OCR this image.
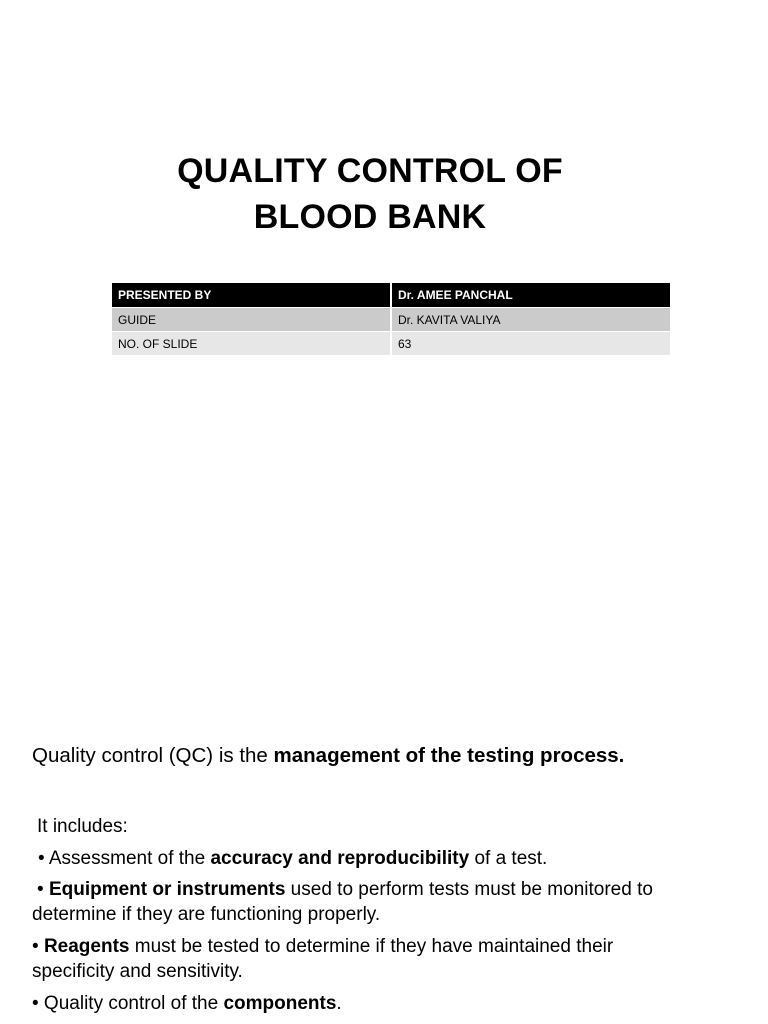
QUALITY CONTROL OF
BLOOD BANK
PRESENTED BY	Dr. AMEE PANCHAL
GUIDE	Dr. KAVITA VALIYA
NO. OF SLIDE	63
Quality control (QC) is the management of the testing process.
It includes:
• Assessment of the accuracy and reproducibility of a test.
• Equipment or instruments used to perform tests must be monitored to determine if they are functioning properly.
• Reagents must be tested to determine if they have maintained their specificity and sensitivity.
• Quality control of the components.
